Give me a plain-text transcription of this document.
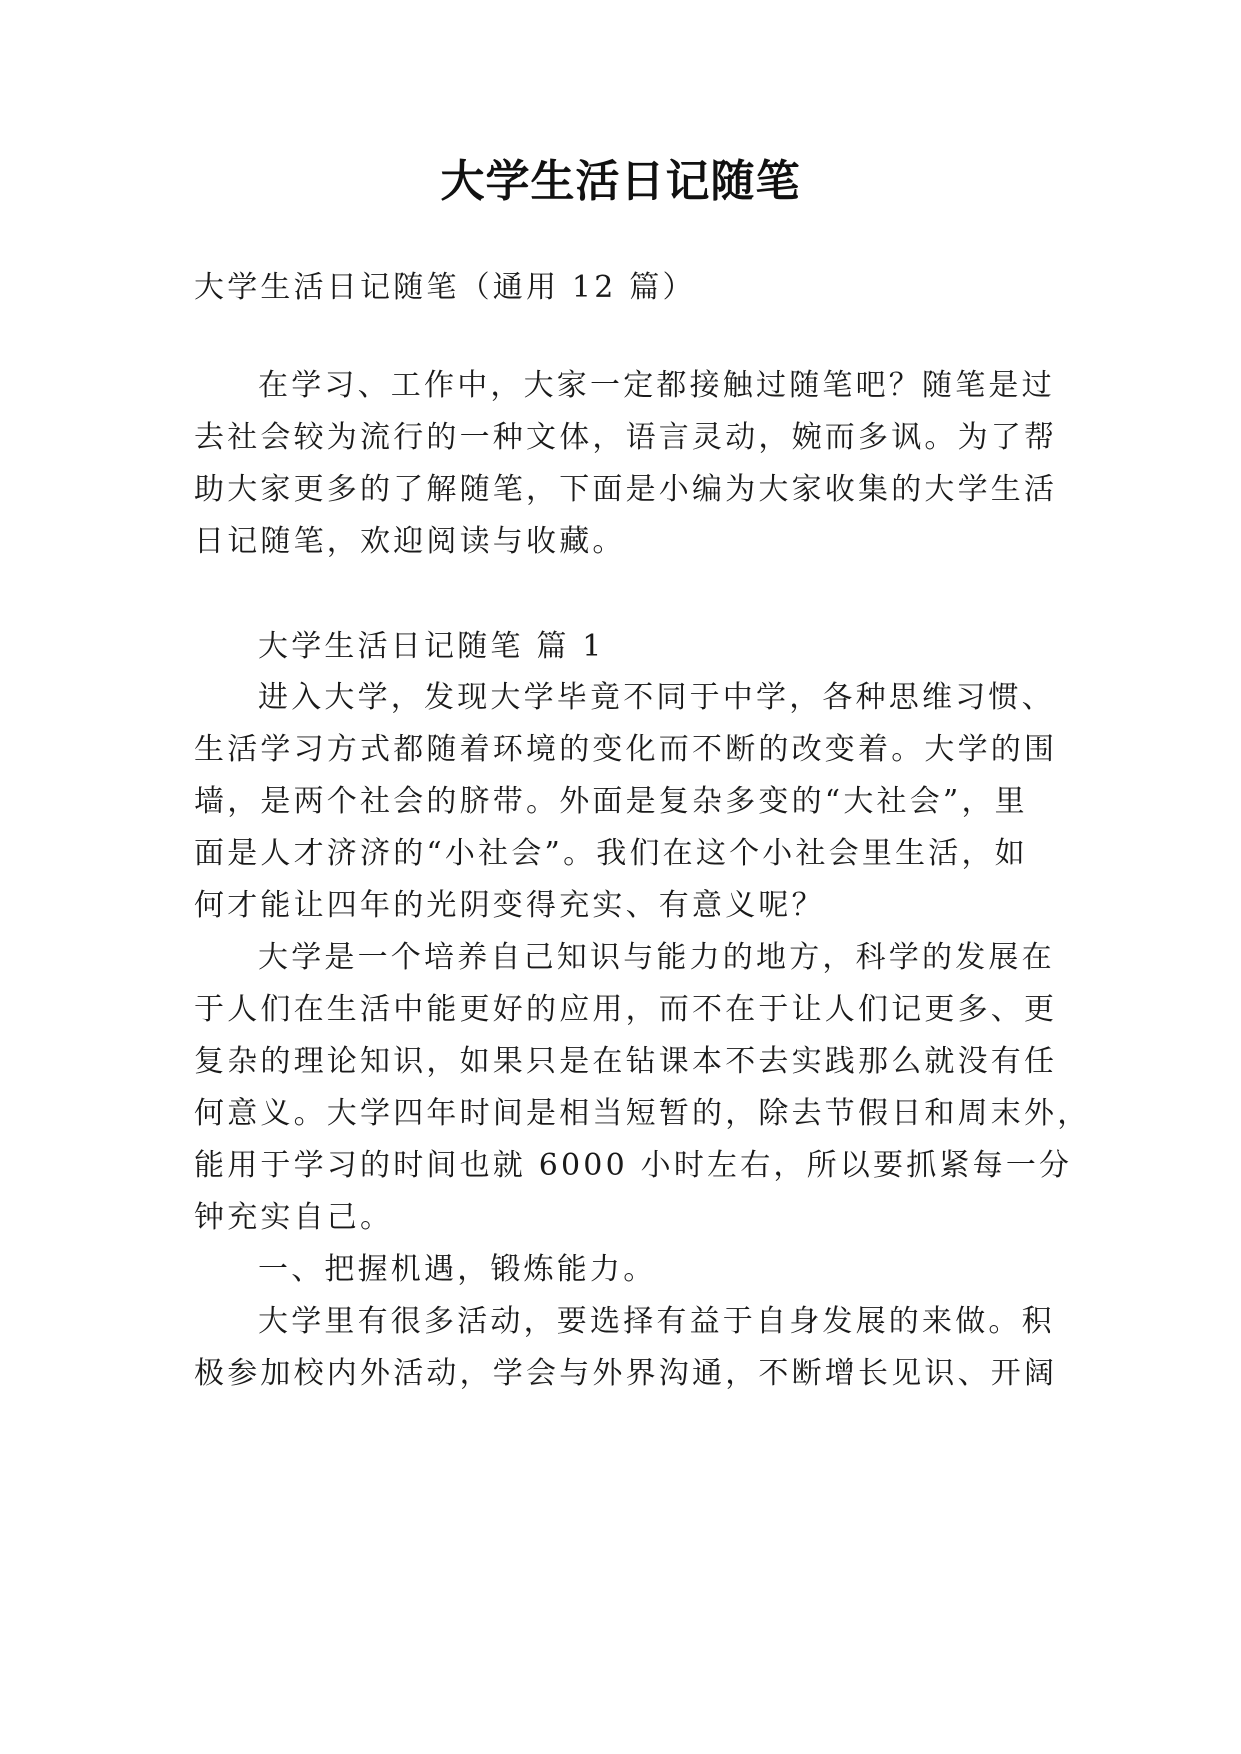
大学生活日记随笔
大学生活日记随笔（通用 12 篇）
在学习、工作中，大家一定都接触过随笔吧？随笔是过
去社会较为流行的一种文体，语言灵动，婉而多讽。为了帮
助大家更多的了解随笔，下面是小编为大家收集的大学生活
日记随笔，欢迎阅读与收藏。
大学生活日记随笔 篇 1
进入大学，发现大学毕竟不同于中学，各种思维习惯、
生活学习方式都随着环境的变化而不断的改变着。大学的围
墙，是两个社会的脐带。外面是复杂多变的“大社会”，里
面是人才济济的“小社会”。我们在这个小社会里生活，如
何才能让四年的光阴变得充实、有意义呢？
大学是一个培养自己知识与能力的地方，科学的发展在
于人们在生活中能更好的应用，而不在于让人们记更多、更
复杂的理论知识，如果只是在钻课本不去实践那么就没有任
何意义。大学四年时间是相当短暂的，除去节假日和周末外，
能用于学习的时间也就 6000 小时左右，所以要抓紧每一分
钟充实自己。
一、把握机遇，锻炼能力。
大学里有很多活动，要选择有益于自身发展的来做。积
极参加校内外活动，学会与外界沟通，不断增长见识、开阔
